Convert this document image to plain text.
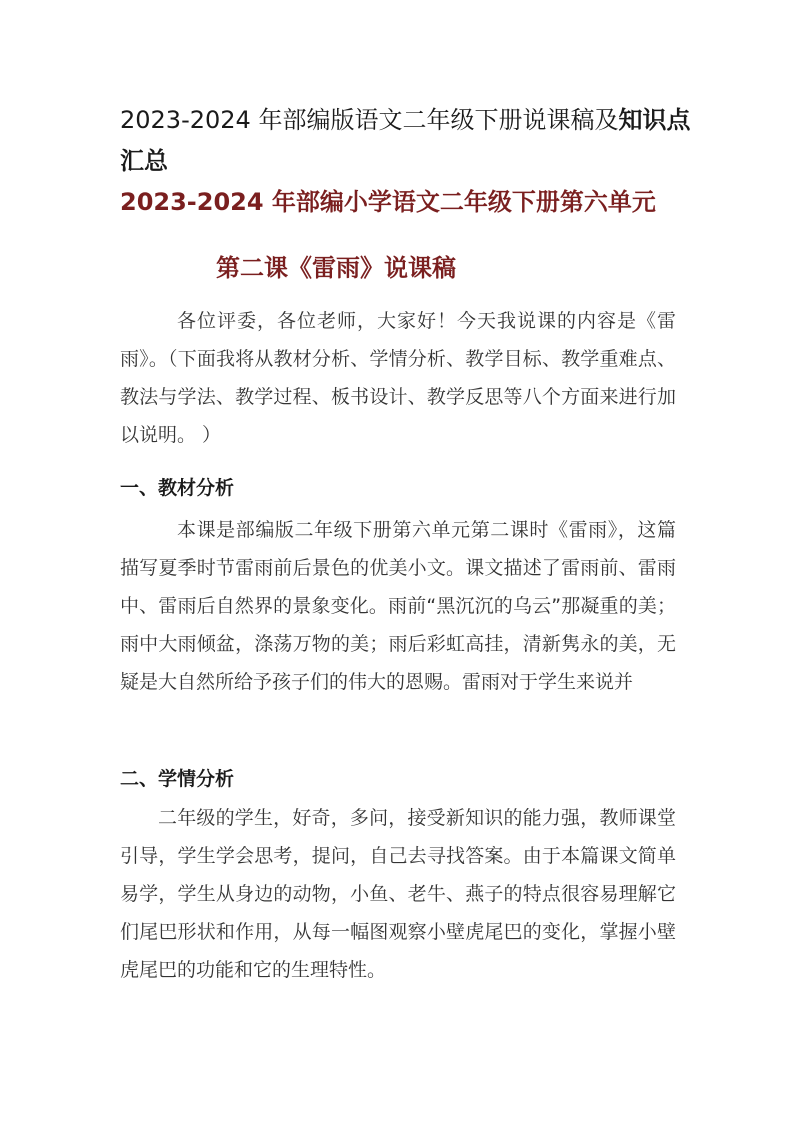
2023-2024 年部编版语文二年级下册说课稿及知识点
汇总
2023-2024 年部编小学语文二年级下册第六单元
第二课《雷雨》说课稿

各位评委，各位老师，大家好！今天我说课的内容是《雷雨》。（下面我将从教材分析、学情分析、教学目标、教学重难点、教法与学法、教学过程、板书设计、教学反思等八个方面来进行加以说明。 ）

一、教材分析

本课是部编版二年级下册第六单元第二课时《雷雨》，这篇描写夏季时节雷雨前后景色的优美小文。课文描述了雷雨前、雷雨中、雷雨后自然界的景象变化。雨前“黑沉沉的乌云”那凝重的美；雨中大雨倾盆，涤荡万物的美；雨后彩虹高挂，清新隽永的美，无疑是大自然所给予孩子们的伟大的恩赐。雷雨对于学生来说并

二、学情分析

二年级的学生，好奇，多问，接受新知识的能力强，教师课堂引导，学生学会思考，提问，自己去寻找答案。由于本篇课文简单易学，学生从身边的动物，小鱼、老牛、燕子的特点很容易理解它们尾巴形状和作用，从每一幅图观察小壁虎尾巴的变化，掌握小壁虎尾巴的功能和它的生理特性。
